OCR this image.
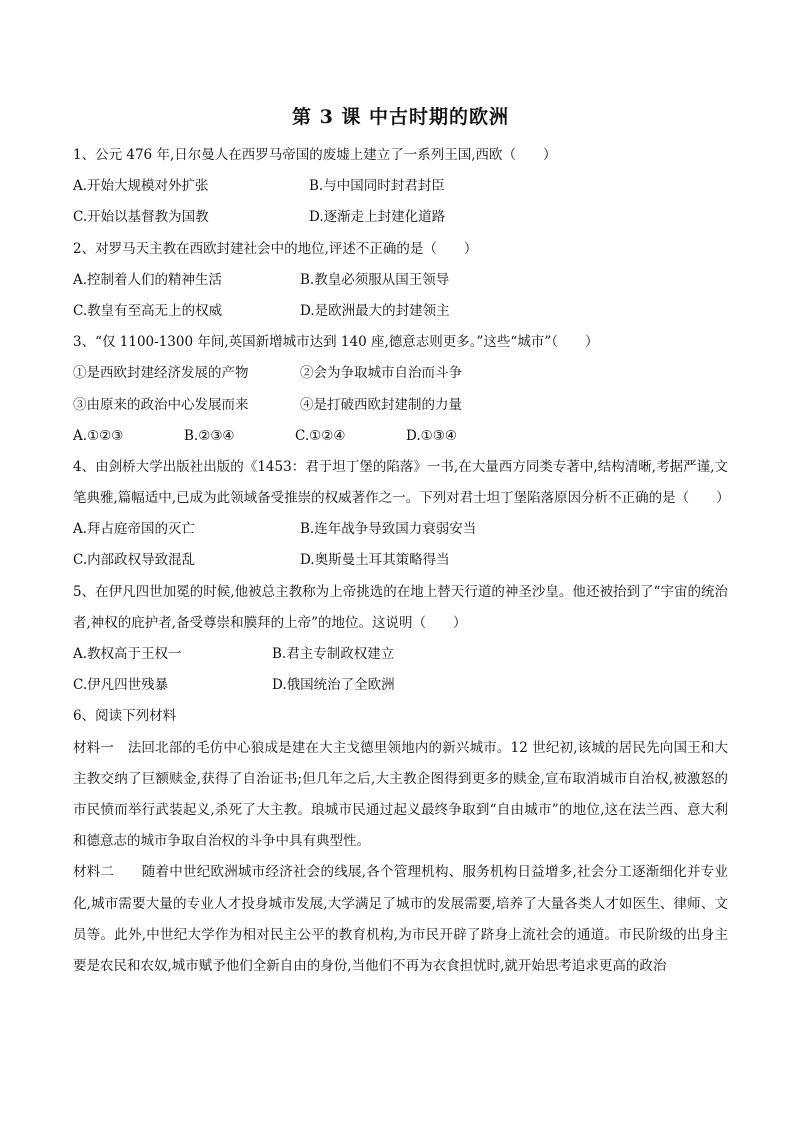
第 3 课 中古时期的欧洲
1、公元 476 年,日尔曼人在西罗马帝国的废墟上建立了一系列王国,西欧（　　）
A.开始大规模对外扩张	B.与中国同时封君封臣
C.开始以基督教为国教	D.逐渐走上封建化道路
2、对罗马天主教在西欧封建社会中的地位,评述不正确的是（　　）
A.控制着人们的精神生活	B.教皇必须服从国王领导
C.教皇有至高无上的权威	D.是欧洲最大的封建领主
3、“仅 1100-1300 年间,英国新增城市达到 140 座,德意志则更多。”这些“城市”（　　）
①是西欧封建经济发展的产物	②会为争取城市自治而斗争
③由原来的政治中心发展而来	④是打破西欧封建制的力量
A.①②③	B.②③④	C.①②④	D.①③④
4、由剑桥大学出版社出版的《1453：君于坦丁堡的陷落》一书,在大量西方同类专著中,结构清晰,考据严谨,文笔典雅,篇幅适中,已成为此领域备受推崇的权威著作之一。下列对君士坦丁堡陷落原因分析不正确的是（　　）
A.拜占庭帝国的灭亡	B.连年战争导致国力衰弱安当
C.内部政权导致混乱	D.奥斯曼土耳其策略得当
5、在伊凡四世加冕的时候,他被总主教称为上帝挑选的在地上替天行道的神圣沙皇。他还被抬到了“宇宙的统治者,神权的庇护者,备受尊崇和膜拜的上帝”的地位。这说明（　　）
A.教权高于王权一	B.君主专制政权建立
C.伊凡四世残暴	D.俄国统治了全欧洲
6、阅读下列材料
材料一　法回北部的毛仿中心狼成是建在大主戈德里领地内的新兴城市。12 世纪初,该城的居民先向国王和大主教交纳了巨额赎金,获得了自治证书;但几年之后,大主教企图得到更多的赎金,宣布取消城市自治权,被激怒的市民愤而举行武装起义,杀死了大主教。琅城市民通过起义最终争取到“自由城市”的地位,这在法兰西、意大利和德意志的城市争取自治权的斗争中具有典型性。
材料二　　随着中世纪欧洲城市经济社会的线展,各个管理机构、服务机构日益增多,社会分工逐渐细化并专业化,城市需要大量的专业人才投身城市发展,大学满足了城市的发展需要,培养了大量各类人才如医生、律师、文员等。此外,中世纪大学作为相对民主公平的教育机构,为市民开辟了跻身上流社会的通道。市民阶级的出身主要是农民和农奴,城市赋予他们全新自由的身份,当他们不再为衣食担忧时,就开始思考追求更高的政治
